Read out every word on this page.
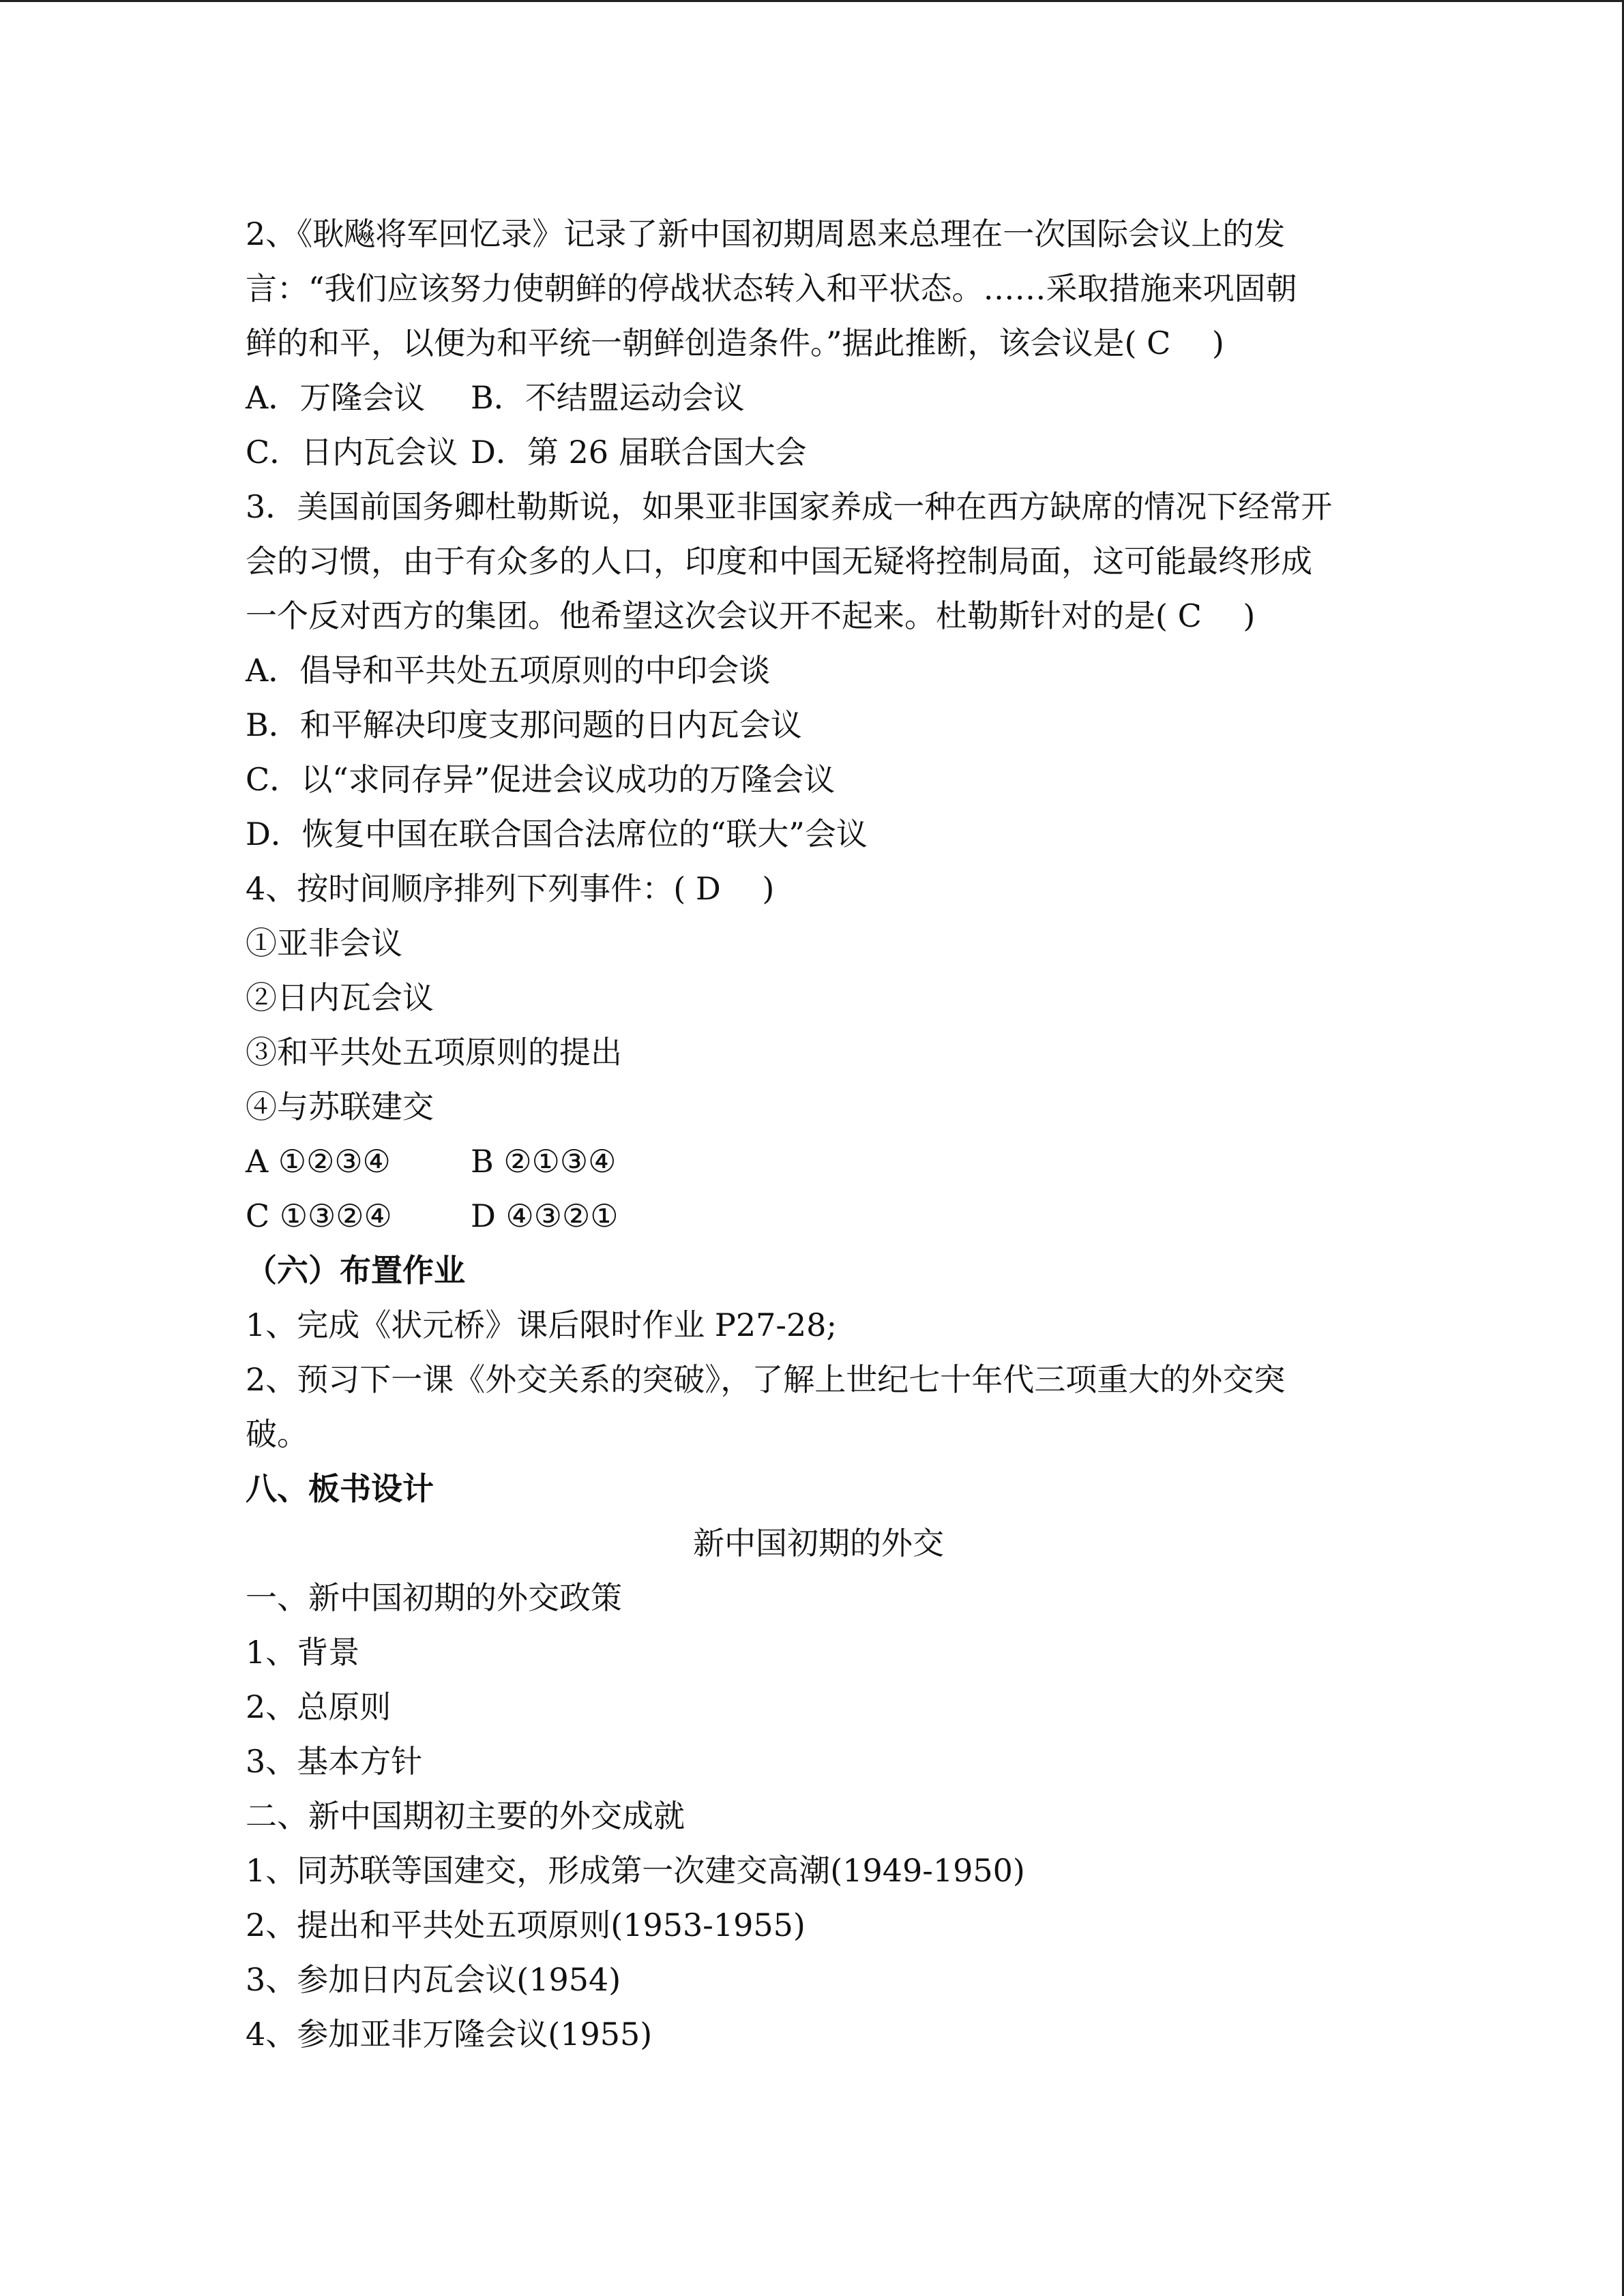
2、《耿飚将军回忆录》记录了新中国初期周恩来总理在一次国际会议上的发
言：“我们应该努力使朝鲜的停战状态转入和平状态。……采取措施来巩固朝
鲜的和平，以便为和平统一朝鲜创造条件。”据此推断，该会议是( C　 )
A．万隆会议	B．不结盟运动会议
C．日内瓦会议 D．第 26 届联合国大会
3．美国前国务卿杜勒斯说，如果亚非国家养成一种在西方缺席的情况下经常开
会的习惯，由于有众多的人口，印度和中国无疑将控制局面，这可能最终形成
一个反对西方的集团。他希望这次会议开不起来。杜勒斯针对的是( C　 )
A．倡导和平共处五项原则的中印会谈
B．和平解决印度支那问题的日内瓦会议
C．以“求同存异”促进会议成功的万隆会议
D．恢复中国在联合国合法席位的“联大”会议
4、按时间顺序排列下列事件：( D　 )
①亚非会议
②日内瓦会议
③和平共处五项原则的提出
④与苏联建交
A ①②③④	B ②①③④
C ①③②④	D ④③②①
（六）布置作业
1、完成《状元桥》课后限时作业 P27-28;
2、预习下一课《外交关系的突破》，了解上世纪七十年代三项重大的外交突
破。
八、板书设计
新中国初期的外交
一、新中国初期的外交政策
1、背景
2、总原则
3、基本方针
二、新中国期初主要的外交成就
1、同苏联等国建交，形成第一次建交高潮(1949-1950)
2、提出和平共处五项原则(1953-1955)
3、参加日内瓦会议(1954)
4、参加亚非万隆会议(1955)
